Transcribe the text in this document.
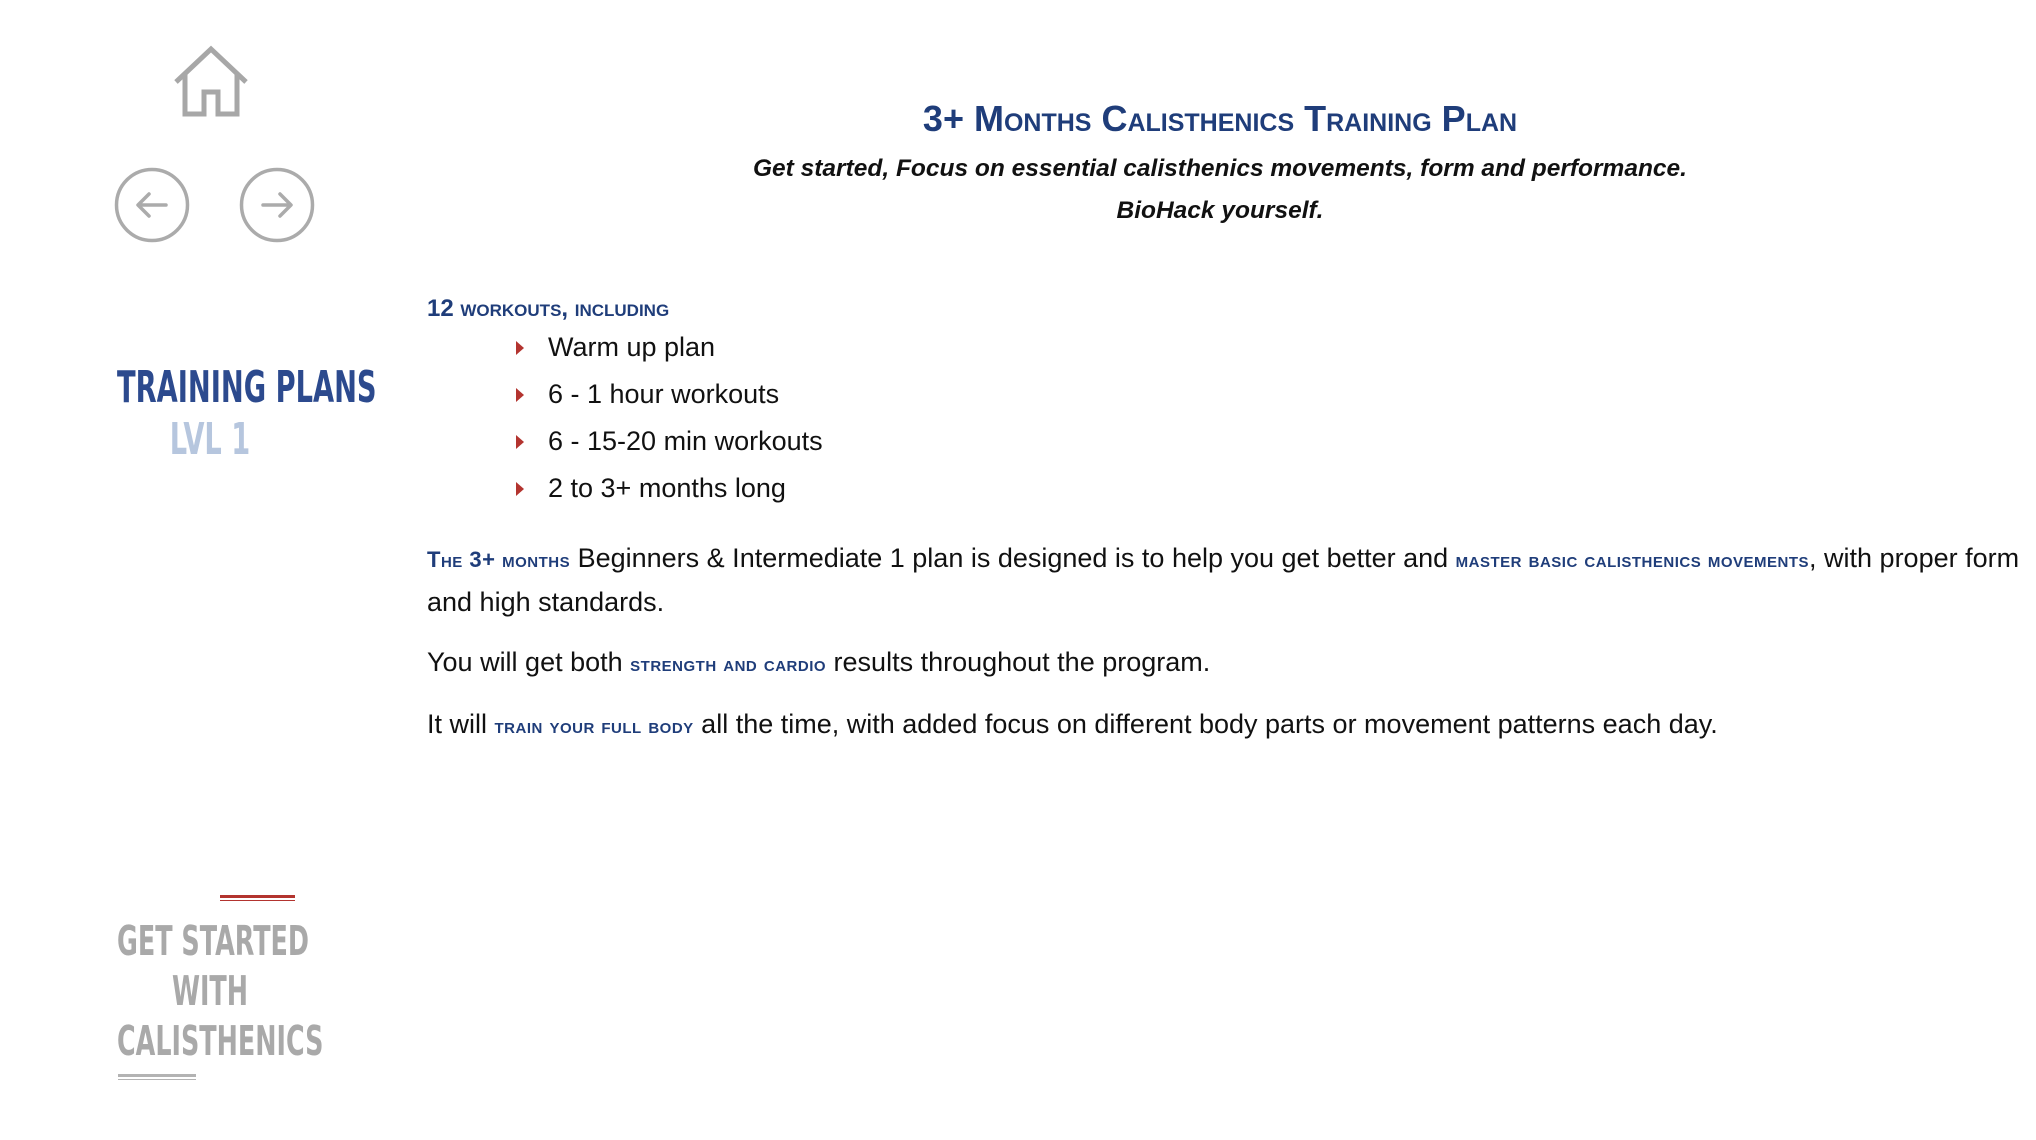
TRAINING PLANS
LVL 1
GET STARTED
WITH
CALISTHENICS
3+ Months Calisthenics Training Plan
Get started, Focus on essential calisthenics movements, form and performance.
BioHack yourself.
12 workouts, including
Warm up plan
6 - 1 hour workouts
6 - 15-20 min workouts
2 to 3+ months long
The 3+ months Beginners & Intermediate 1 plan is designed is to help you get better and master basic calisthenics movements, with proper form and high standards.
You will get both strength and cardio results throughout the program.
It will train your full body all the time, with added focus on different body parts or movement patterns each day.
